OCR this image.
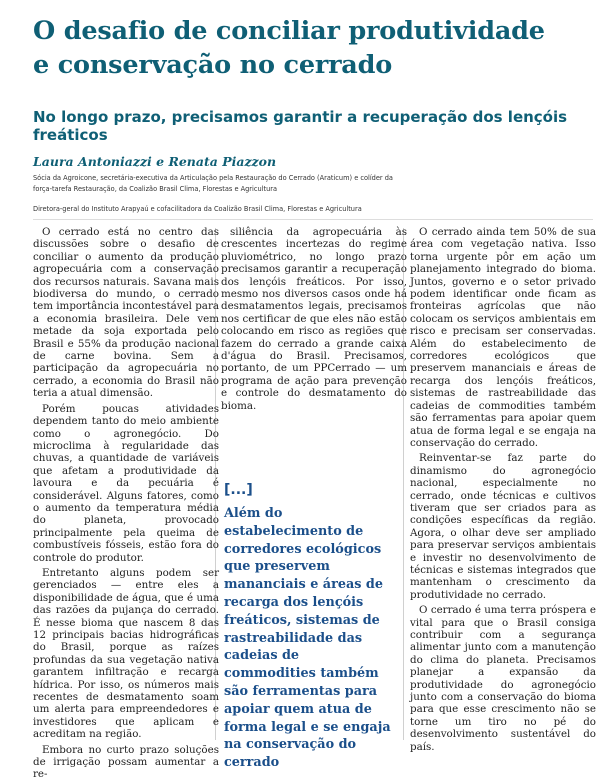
O desafio de conciliar produtividade
e conservação no cerrado
No longo prazo, precisamos garantir a recuperação dos lençóis freáticos
Laura Antoniazzi e Renata Piazzon
Sócia da Agroicone, secretária-executiva da Articulação pela Restauração do Cerrado (Araticum) e colíder da força-tarefa Restauração, da Coalizão Brasil Clima, Florestas e Agricultura
Diretora-geral do Instituto Arapyaú e cofacilitadora da Coalizão Brasil Clima, Florestas e Agricultura

O cerrado está no centro das discussões sobre o desafio de conciliar o aumento da produção agropecuária com a conservação dos recursos naturais. Savana mais biodiversa do mundo, o cerrado tem importância incontestável para a economia brasileira. Dele vem metade da soja exportada pelo Brasil e 55% da produção nacional de carne bovina. Sem a participação da agropecuária no cerrado, a economia do Brasil não teria a atual dimensão.

Porém poucas atividades dependem tanto do meio ambiente como o agronegócio. Do microclima à regularidade das chuvas, a quantidade de variáveis que afetam a produtividade da lavoura e da pecuária é considerável. Alguns fatores, como o aumento da temperatura média do planeta, provocado principalmente pela queima de combustíveis fósseis, estão fora do controle do produtor.

Entretanto alguns podem ser gerenciados — entre eles a disponibilidade de água, que é uma das razões da pujança do cerrado. É nesse bioma que nascem 8 das 12 principais bacias hidrográficas do Brasil, porque as raízes profundas da sua vegetação nativa garantem infiltração e recarga hídrica. Por isso, os números mais recentes de desmatamento soam um alerta para empreendedores e investidores que aplicam e acreditam na região.

Embora no curto prazo soluções de irrigação possam aumentar a re-

siliência da agropecuária às crescentes incertezas do regime pluviométrico, no longo prazo precisamos garantir a recuperação dos lençóis freáticos. Por isso, mesmo nos diversos casos onde há desmatamentos legais, precisamos nos certificar de que eles não estão colocando em risco as regiões que fazem do cerrado a grande caixa d'água do Brasil. Precisamos, portanto, de um PPCerrado — um programa de ação para prevenção e controle do desmatamento do bioma.

[...]
Além do estabelecimento de corredores ecológicos que preservem mananciais e áreas de recarga dos lençóis freáticos, sistemas de rastreabilidade das cadeias de commodities também são ferramentas para apoiar quem atua de forma legal e se engaja na conservação do cerrado

O cerrado ainda tem 50% de sua área com vegetação nativa. Isso torna urgente pôr em ação um planejamento integrado do bioma. Juntos, governo e o setor privado podem identificar onde ficam as fronteiras agrícolas que não colocam os serviços ambientais em risco e precisam ser conservadas. Além do estabelecimento de corredores ecológicos que preservem mananciais e áreas de recarga dos lençóis freáticos, sistemas de rastreabilidade das cadeias de commodities também são ferramentas para apoiar quem atua de forma legal e se engaja na conservação do cerrado.

Reinventar-se faz parte do dinamismo do agronegócio nacional, especialmente no cerrado, onde técnicas e cultivos tiveram que ser criados para as condições específicas da região. Agora, o olhar deve ser ampliado para preservar serviços ambientais e investir no desenvolvimento de técnicas e sistemas integrados que mantenham o crescimento da produtividade no cerrado.

O cerrado é uma terra próspera e vital para que o Brasil consiga contribuir com a segurança alimentar junto com a manutenção do clima do planeta. Precisamos planejar a expansão da produtividade do agronegócio junto com a conservação do bioma para que esse crescimento não se torne um tiro no pé do desenvolvimento sustentável do país.
